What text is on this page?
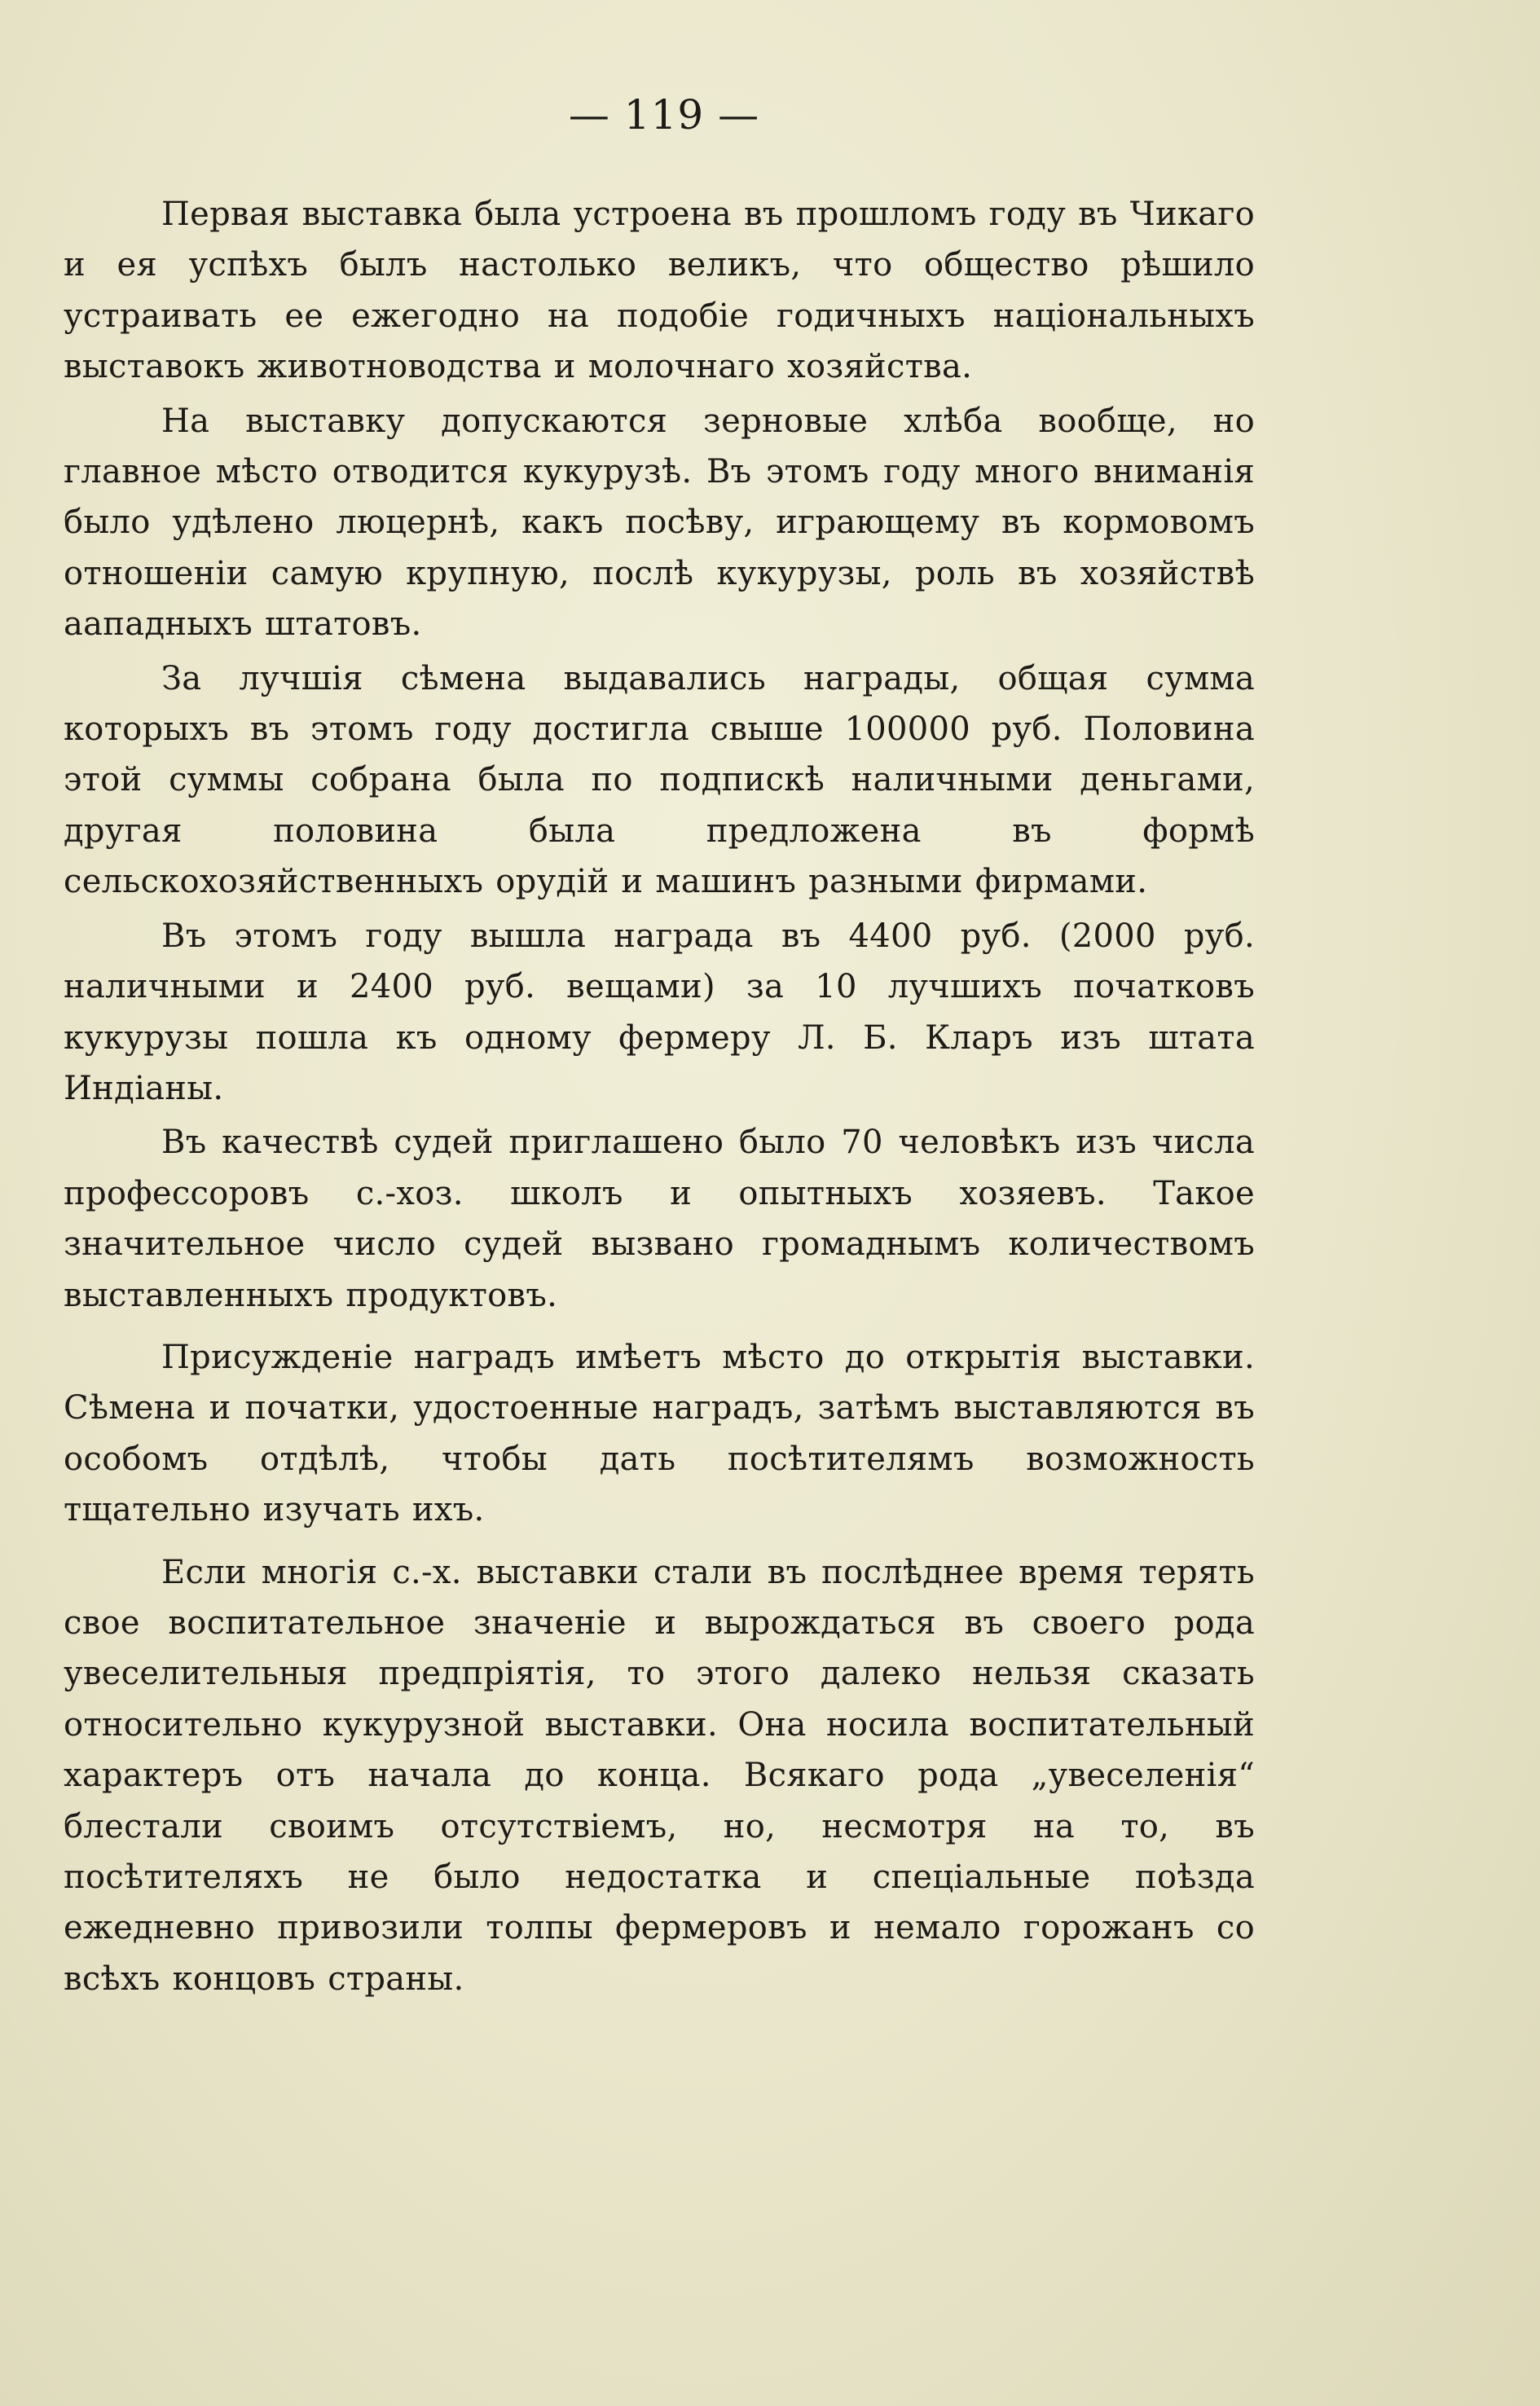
— 119 —

Первая выставка была устроена въ прошломъ году въ Чикаго и ея успѣхъ былъ настолько великъ, что общество рѣшило устраивать ее ежегодно на подобіе годичныхъ національныхъ выставокъ животноводства и молочнаго хозяйства.

На выставку допускаются зерновые хлѣба вообще, но главное мѣсто отводится кукурузѣ. Въ этомъ году много вниманія было удѣлено люцернѣ, какъ посѣву, играющему въ кормовомъ отношеніи самую крупную, послѣ кукурузы, роль въ хозяйствѣ аападныхъ штатовъ.

За лучшія сѣмена выдавались награды, общая сумма которыхъ въ этомъ году достигла свыше 100000 руб. Половина этой суммы собрана была по подпискѣ наличными деньгами, другая половина была предложена въ формѣ сельскохозяйственныхъ орудій и машинъ разными фирмами.

Въ этомъ году вышла награда въ 4400 руб. (2000 руб. наличными и 2400 руб. вещами) за 10 лучшихъ початковъ кукурузы пошла къ одному фермеру Л. Б. Кларъ изъ штата Индіаны.

Въ качествѣ судей приглашено было 70 человѣкъ изъ числа профессоровъ с.-хоз. школъ и опытныхъ хозяевъ. Такое значительное число судей вызвано громаднымъ количествомъ выставленныхъ продуктовъ.

Присужденіе наградъ имѣетъ мѣсто до открытія выставки. Сѣмена и початки, удостоенные наградъ, затѣмъ выставляются въ особомъ отдѣлѣ, чтобы дать посѣтителямъ возможность тщательно изучать ихъ.

Если многія с.-х. выставки стали въ послѣднее время терять свое воспитательное значеніе и вырождаться въ своего рода увеселительныя предпріятія, то этого далеко нельзя сказать относительно кукурузной выставки. Она носила воспитательный характеръ отъ начала до конца. Всякаго рода „увеселенія“ блестали своимъ отсутствіемъ, но, несмотря на то, въ посѣтителяхъ не было недостатка и спеціальные поѣзда ежедневно привозили толпы фермеровъ и немало горожанъ со всѣхъ концовъ страны.
